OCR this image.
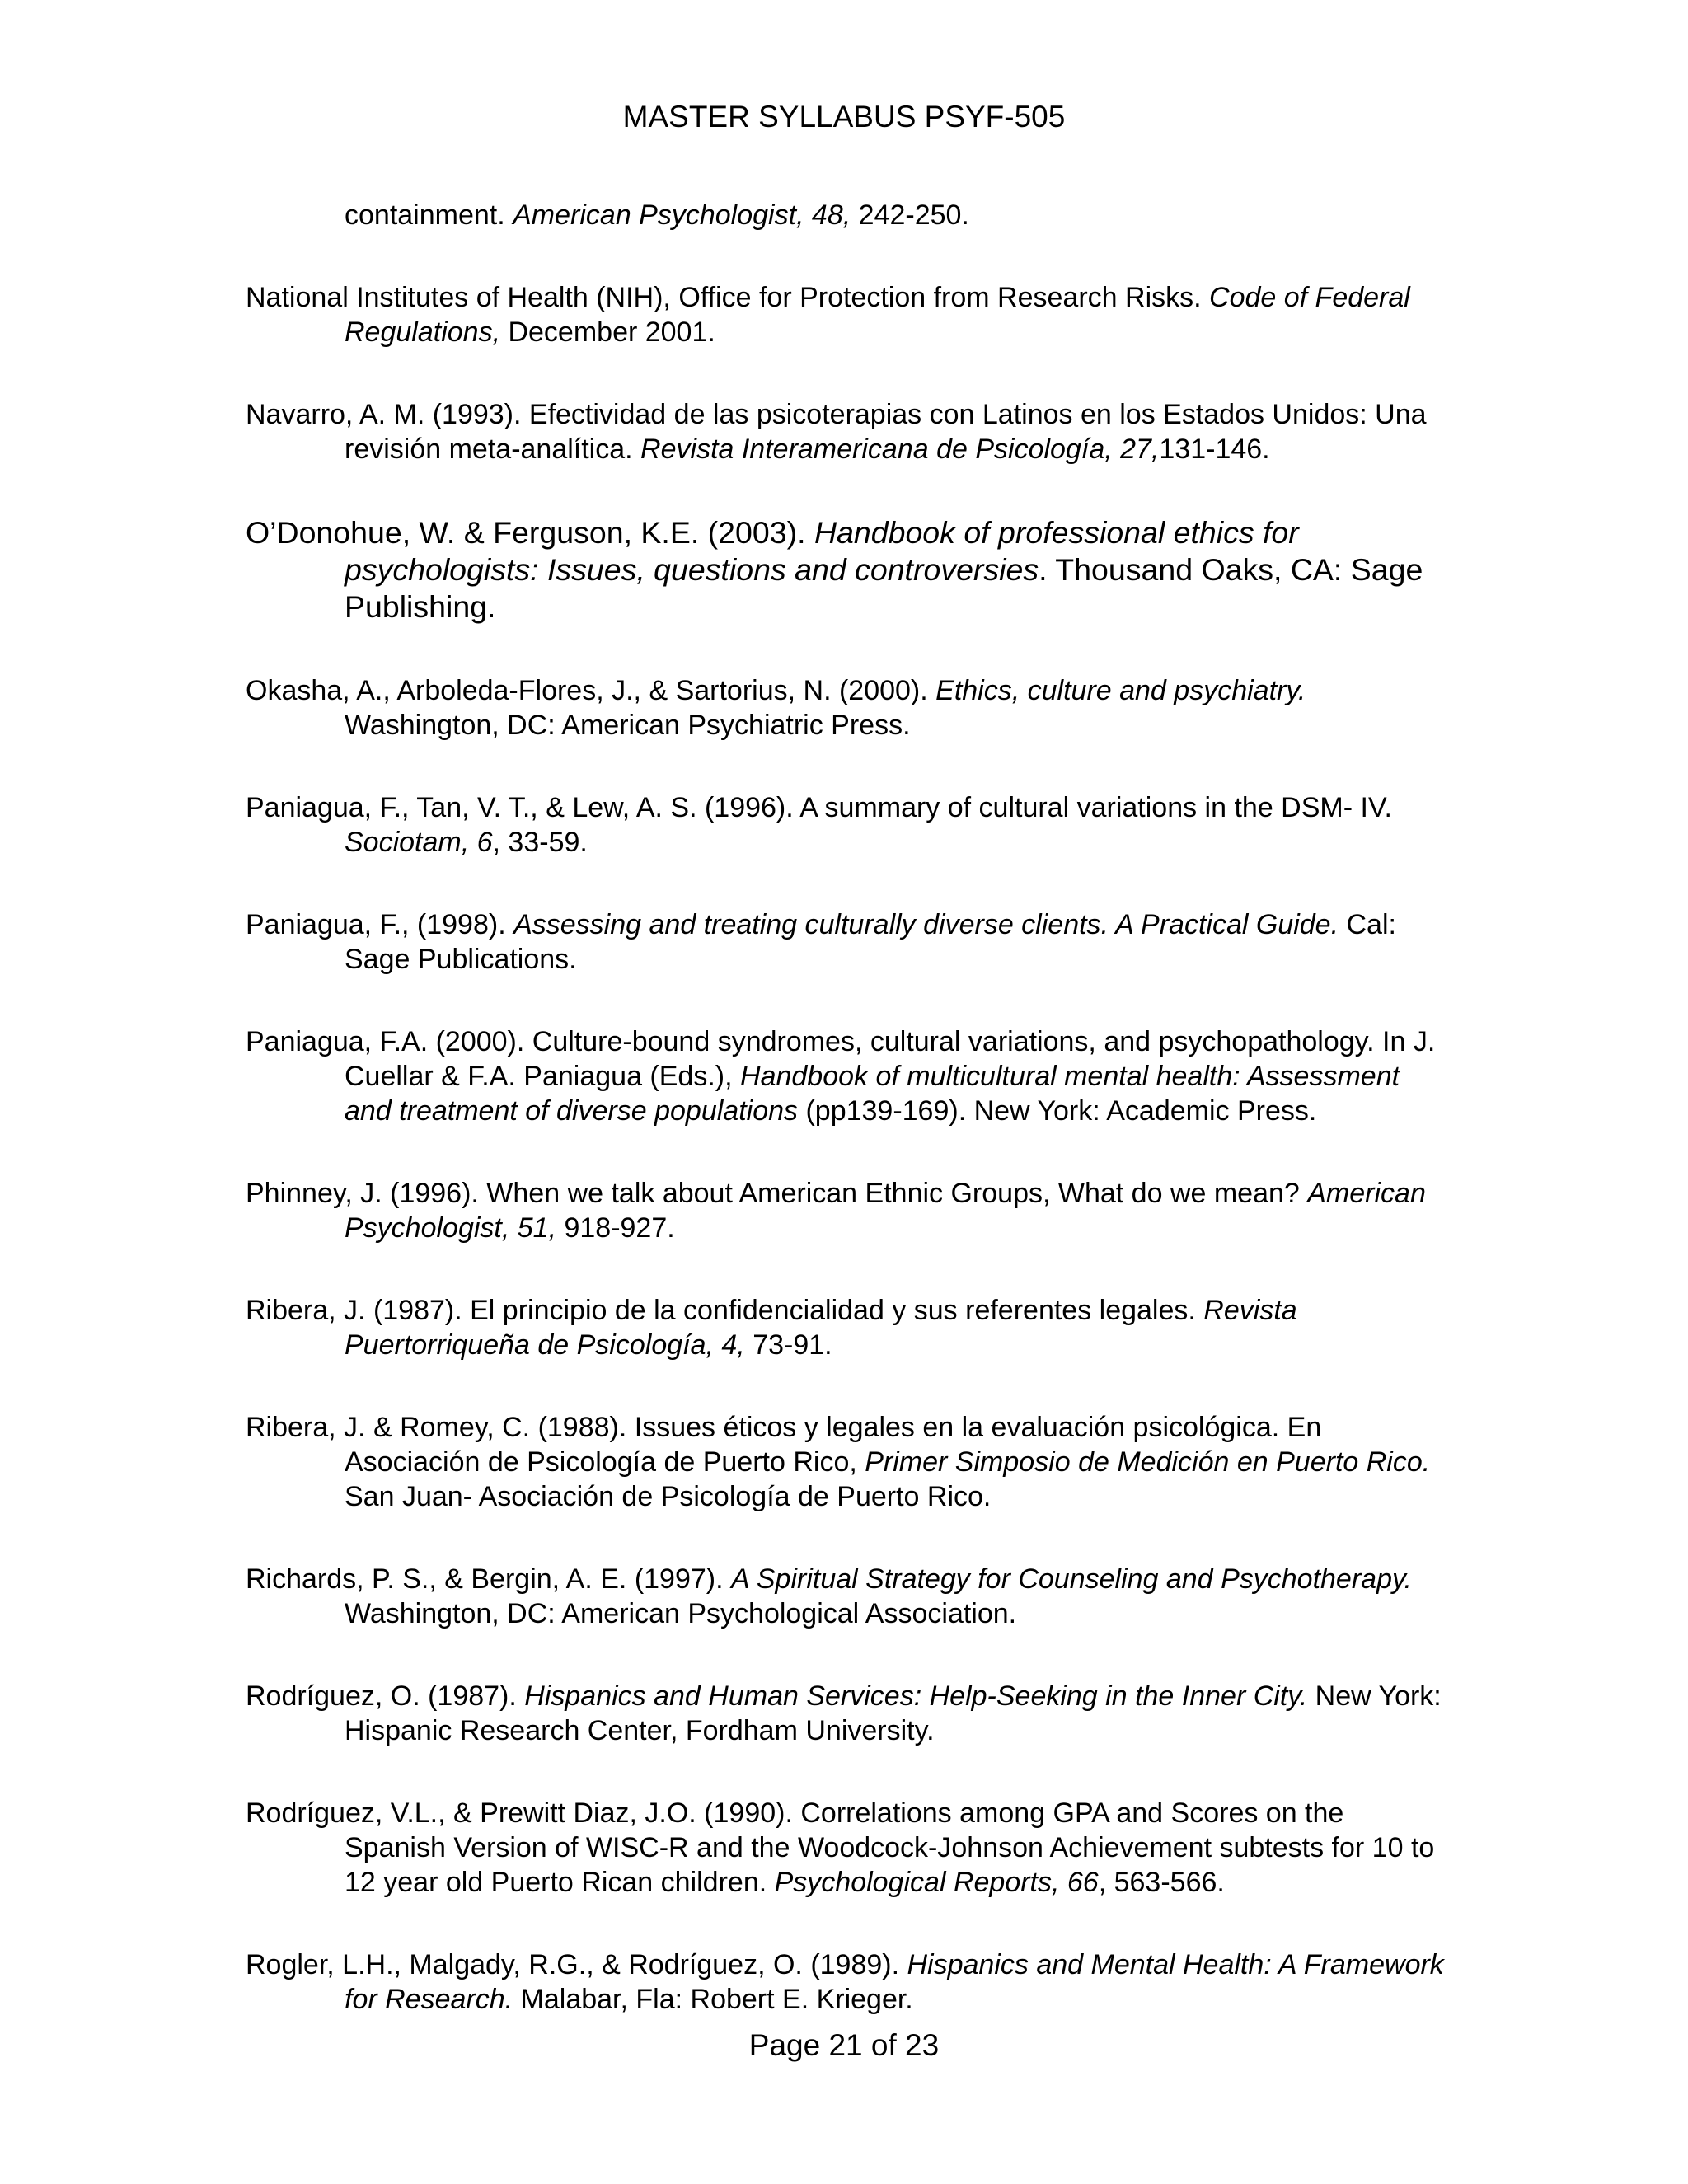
MASTER SYLLABUS PSYF-505

containment. American Psychologist, 48, 242-250.

National Institutes of Health (NIH), Office for Protection from Research Risks. Code of Federal Regulations, December 2001.

Navarro, A. M. (1993). Efectividad de las psicoterapias con Latinos en los Estados Unidos: Una revisión meta-analítica. Revista Interamericana de Psicología, 27,131-146.

O’Donohue, W. & Ferguson, K.E. (2003). Handbook of professional ethics for psychologists: Issues, questions and controversies. Thousand Oaks, CA: Sage Publishing.

Okasha, A., Arboleda-Flores, J., & Sartorius, N. (2000). Ethics, culture and psychiatry. Washington, DC: American Psychiatric Press.

Paniagua, F., Tan, V. T., & Lew, A. S. (1996). A summary of cultural variations in the DSM- IV. Sociotam, 6, 33-59.

Paniagua, F., (1998). Assessing and treating culturally diverse clients. A Practical Guide. Cal: Sage Publications.

Paniagua, F.A. (2000). Culture-bound syndromes, cultural variations, and psychopathology. In J. Cuellar & F.A. Paniagua (Eds.), Handbook of multicultural mental health: Assessment and treatment of diverse populations (pp139-169). New York: Academic Press.

Phinney, J. (1996). When we talk about American Ethnic Groups, What do we mean? American Psychologist, 51, 918-927.

Ribera, J. (1987). El principio de la confidencialidad y sus referentes legales. Revista Puertorriqueña de Psicología, 4, 73-91.

Ribera, J. & Romey, C. (1988). Issues éticos y legales en la evaluación psicológica. En Asociación de Psicología de Puerto Rico, Primer Simposio de Medición en Puerto Rico. San Juan- Asociación de Psicología de Puerto Rico.

Richards, P. S., & Bergin, A. E. (1997). A Spiritual Strategy for Counseling and Psychotherapy. Washington, DC: American Psychological Association.

Rodríguez, O. (1987). Hispanics and Human Services: Help-Seeking in the Inner City. New York: Hispanic Research Center, Fordham University.

Rodríguez, V.L., & Prewitt Diaz, J.O. (1990). Correlations among GPA and Scores on the Spanish Version of WISC-R and the Woodcock-Johnson Achievement subtests for 10 to 12 year old Puerto Rican children. Psychological Reports, 66, 563-566.

Rogler, L.H., Malgady, R.G., & Rodríguez, O. (1989). Hispanics and Mental Health: A Framework for Research. Malabar, Fla: Robert E. Krieger.

Page 21 of 23
